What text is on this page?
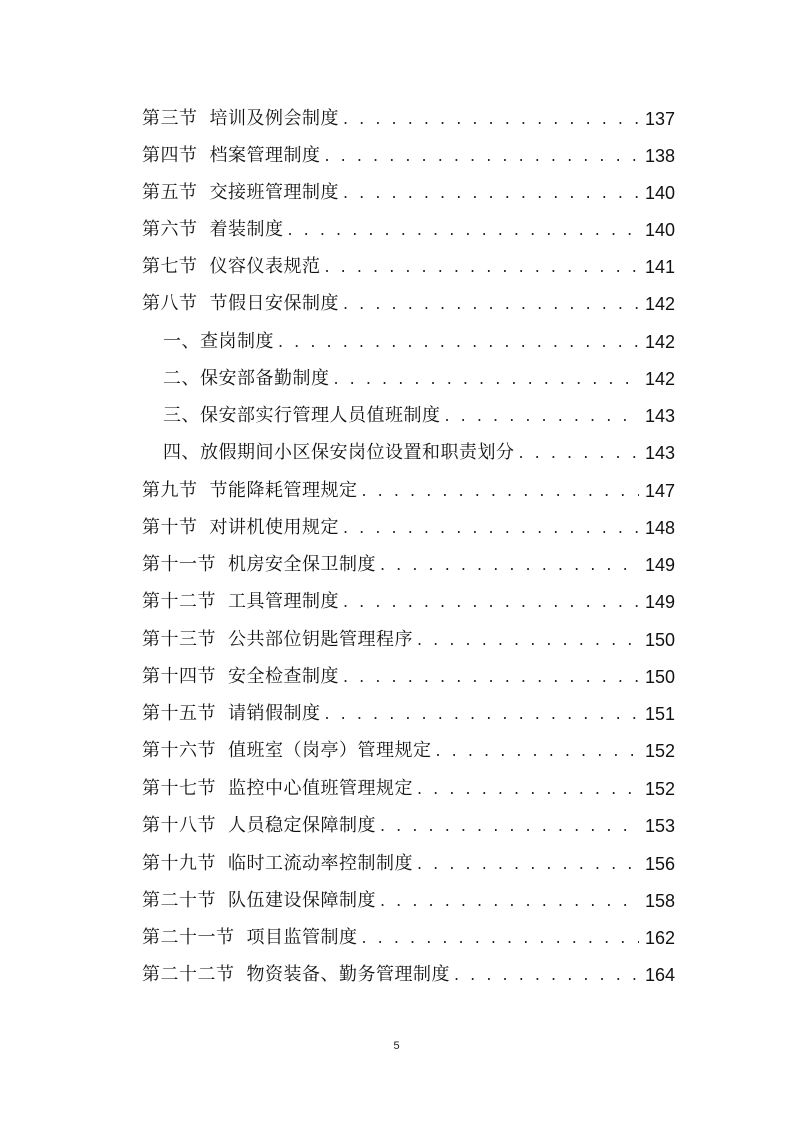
第三节 培训及例会制度 . . .	137
第四节 档案管理制度 . . .	138
第五节 交接班管理制度 . . .	140
第六节 着装制度 . . .	140
第七节 仪容仪表规范 . . .	141
第八节 节假日安保制度 . . .	142
一、 查岗制度 . . .	142
二、 保安部备勤制度 . . .	142
三、 保安部实行管理人员值班制度 . . .	143
四、 放假期间小区保安岗位设置和职责划分 . . .	143
第九节 节能降耗管理规定 . . .	147
第十节 对讲机使用规定 . . .	148
第十一节 机房安全保卫制度 . . .	149
第十二节 工具管理制度 . . .	149
第十三节 公共部位钥匙管理程序 . . .	150
第十四节 安全检查制度 . . .	150
第十五节 请销假制度 . . .	151
第十六节 值班室（岗亭）管理规定 . . .	152
第十七节 监控中心值班管理规定 . . .	152
第十八节 人员稳定保障制度 . . .	153
第十九节 临时工流动率控制制度 . . .	156
第二十节 队伍建设保障制度 . . .	158
第二十一节 项目监管制度 . . .	162
第二十二节 物资装备、勤务管理制度 . . .	164
5
